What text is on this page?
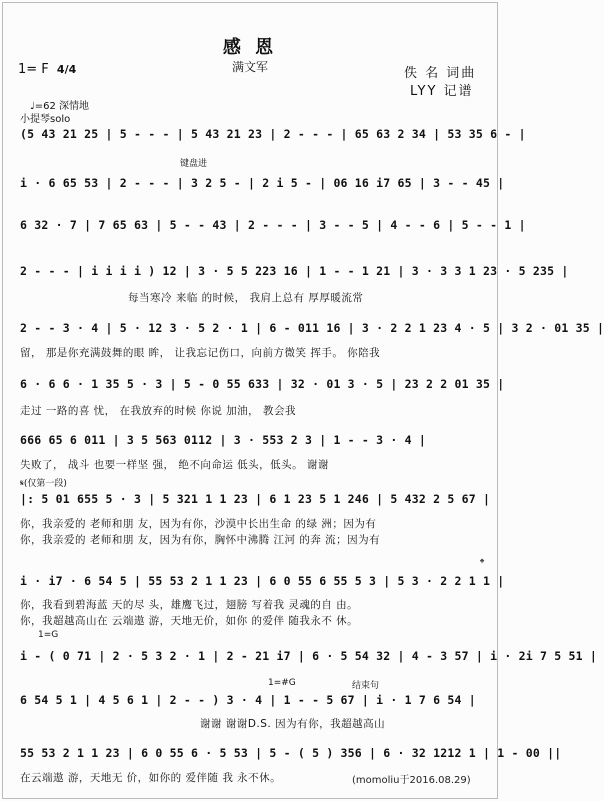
感 恩
满文军
1= F 4/4	佚 名 词曲
LYY 记谱
♩=62 深情地
小提琴solo
(5 43 21 25 | 5 - - - | 5 43 21 23 | 2 - - - | 65 63 2 34 | 53 35 6 - |
键盘进
i · 6 65 53 | 2 - - - | 3 2 5 - | 2 i 5 - | 06 16 i7 65 | 3 - - 45 |
6 32 · 7 | 7 65 63 | 5 - - 43 | 2 - - - | 3 - - 5 | 4 - - 6 | 5 - - 1 |
2 - - - | i i i i ) 12 | 3 · 5 5 223 16 | 1 - - 1 21 | 3 · 3 3 1 23 · 5 235 |
每当寒冷 来临 的时候， 我肩上总有 厚厚暖流常
2 - - 3 · 4 | 5 · 12 3 · 5 2 · 1 | 6 - 011 16 | 3 · 2 2 1 23 4 · 5 | 3 2 · 01 35 |
留， 那是你充满鼓舞的眼 眸， 让我忘记伤口，向前方微笑 挥手。 你陪我
6 · 6 6 · 1 35 5 · 3 | 5 - 0 55 633 | 32 · 01 3 · 5 | 23 2 2 01 35 |
走过 一路的喜 忧， 在我放弃的时候 你说 加油， 教会我
666 65 6 011 | 3 5 563 0112 | 3 · 553 2 3 | 1 - - 3 · 4 |
失败了， 战斗 也要一样坚 强， 绝不向命运 低头，低头。 谢谢
𝄋(仅第一段)
|: 5 01 655 5 · 3 | 5 321 1 1 23 | 6 1 23 5 1 246 | 5 432 2 5 67 |
你，我亲爱的 老师和朋 友，因为有你，沙漠中长出生命 的绿 洲；因为有
你，我亲爱的 老师和朋 友，因为有你，胸怀中沸腾 江河 的奔 流；因为有
𝄌
i · i7 · 6 54 5 | 55 53 2 1 1 23 | 6 0 55 6 55 5 3 | 5 3 · 2 2 1 1 |
你，我看到碧海蓝 天的尽 头，雄鹰飞过，翅膀 写着我 灵魂的自 由。
你，我超越高山在 云端遨 游，天地无价，如你 的爱伴 随我永不 休。
1=G
i - ( 0 71 | 2 · 5 3 2 · 1 | 2 - 21 i7 | 6 · 5 54 32 | 4 - 3 57 | i · 2i 7 5 51 |
1=#G	结束句
6 54 5 1 | 4 5 6 1 | 2 - - ) 3 · 4 | 1 - - 5 67 | i · 1 7 6 54 |
谢谢 谢谢D.S. 因为有你，我超越高山
55 53 2 1 1 23 | 6 0 55 6 · 5 53 | 5 - ( 5 ) 356 | 6 · 32 1212 1 | 1 - 00 ||
在云端遨 游，天地无 价，如你的 爱伴随 我 永不休。	(momoliu于2016.08.29)
